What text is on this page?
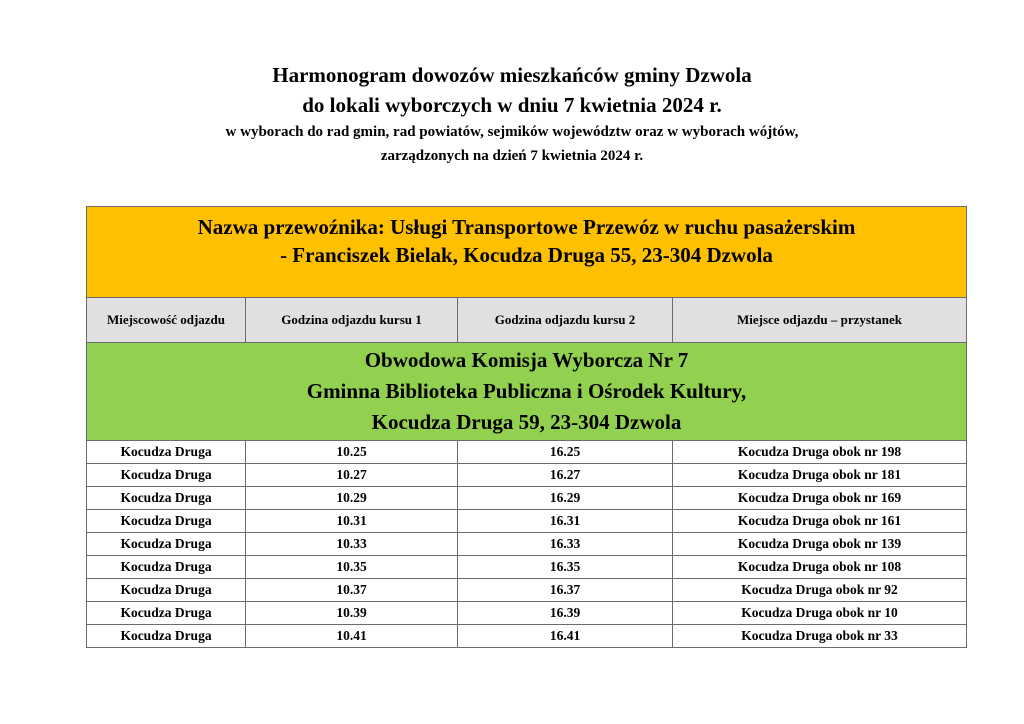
Harmonogram dowozów mieszkańców gminy Dzwola
do lokali wyborczych w dniu 7 kwietnia 2024 r.
w wyborach do rad gmin, rad powiatów, sejmików województw oraz w wyborach wójtów,
zarządzonych na dzień 7 kwietnia 2024 r.
Nazwa przewoźnika: Usługi Transportowe Przewóz w ruchu pasażerskim
- Franciszek Bielak, Kocudza Druga 55, 23-304 Dzwola			

Miejscowość odjazdu	Godzina odjazdu kursu 1	Godzina odjazdu kursu 2	Miejsce odjazdu – przystanek

Obwodowa Komisja Wyborcza Nr 7
Gminna Biblioteka Publiczna i Ośrodek Kultury,
Kocudza Druga 59, 23-304 Dzwola			

Kocudza Druga	10.25	16.25	Kocudza Druga obok nr 198
Kocudza Druga	10.27	16.27	Kocudza Druga obok nr 181
Kocudza Druga	10.29	16.29	Kocudza Druga obok nr 169
Kocudza Druga	10.31	16.31	Kocudza Druga obok nr 161
Kocudza Druga	10.33	16.33	Kocudza Druga obok nr 139
Kocudza Druga	10.35	16.35	Kocudza Druga obok nr 108
Kocudza Druga	10.37	16.37	Kocudza Druga obok nr 92
Kocudza Druga	10.39	16.39	Kocudza Druga obok nr 10
Kocudza Druga	10.41	16.41	Kocudza Druga obok nr 33
